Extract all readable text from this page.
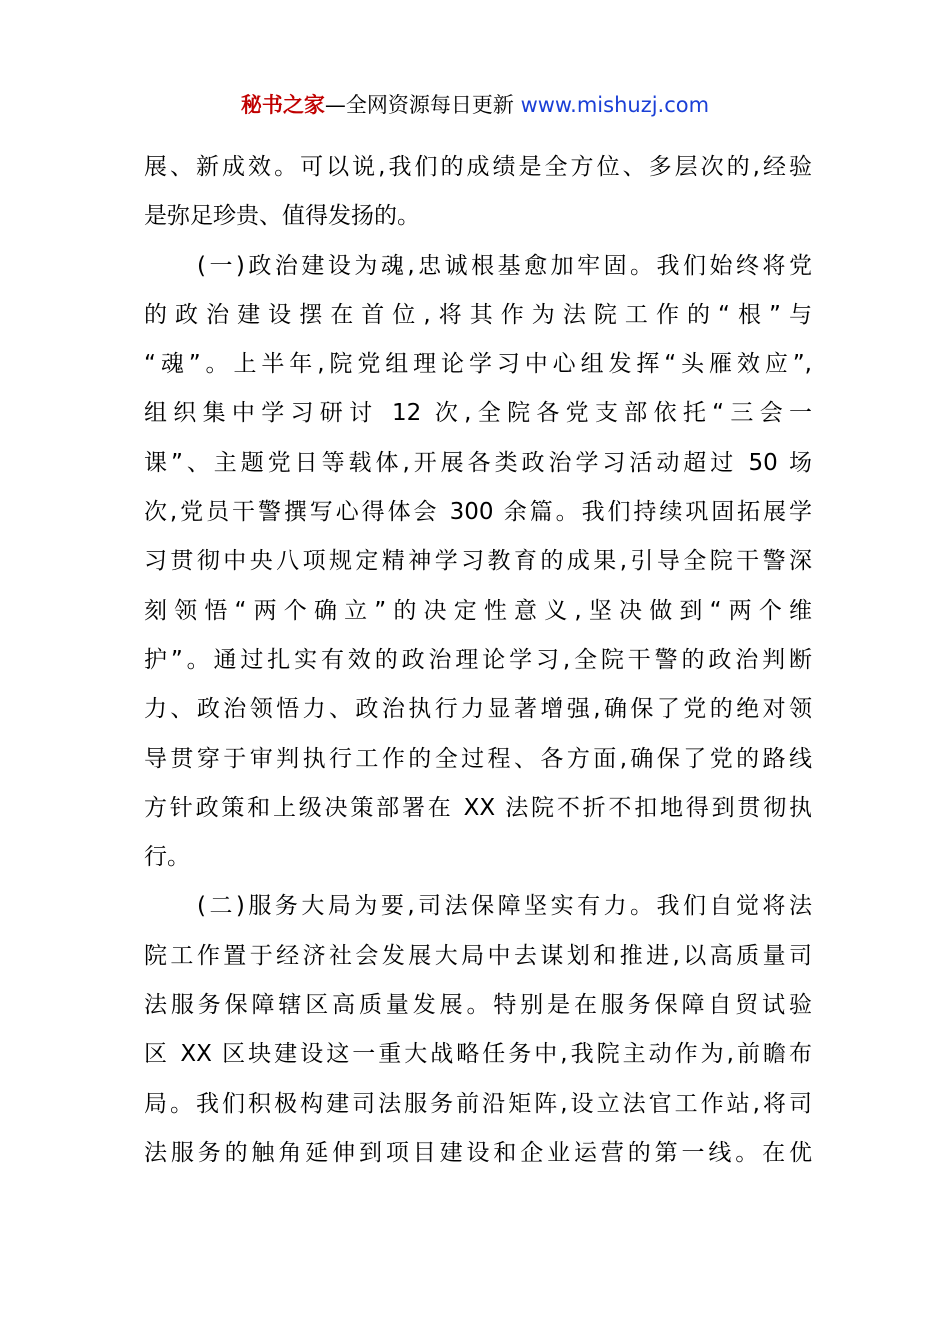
秘书之家—全网资源每日更新 www.mishuzj.com
展、新成效。可以说,我们的成绩是全方位、多层次的,经验
是弥足珍贵、值得发扬的。
　　(一)政治建设为魂,忠诚根基愈加牢固。我们始终将党
的政治建设摆在首位,将其作为法院工作的“根”与
“魂”。上半年,院党组理论学习中心组发挥“头雁效应”,
组织集中学习研讨 12 次,全院各党支部依托“三会一
课”、主题党日等载体,开展各类政治学习活动超过 50 场
次,党员干警撰写心得体会 300 余篇。我们持续巩固拓展学
习贯彻中央八项规定精神学习教育的成果,引导全院干警深
刻领悟“两个确立”的决定性意义,坚决做到“两个维
护”。通过扎实有效的政治理论学习,全院干警的政治判断
力、政治领悟力、政治执行力显著增强,确保了党的绝对领
导贯穿于审判执行工作的全过程、各方面,确保了党的路线
方针政策和上级决策部署在 XX 法院不折不扣地得到贯彻执
行。
　　(二)服务大局为要,司法保障坚实有力。我们自觉将法
院工作置于经济社会发展大局中去谋划和推进,以高质量司
法服务保障辖区高质量发展。特别是在服务保障自贸试验
区 XX 区块建设这一重大战略任务中,我院主动作为,前瞻布
局。我们积极构建司法服务前沿矩阵,设立法官工作站,将司
法服务的触角延伸到项目建设和企业运营的第一线。在优
